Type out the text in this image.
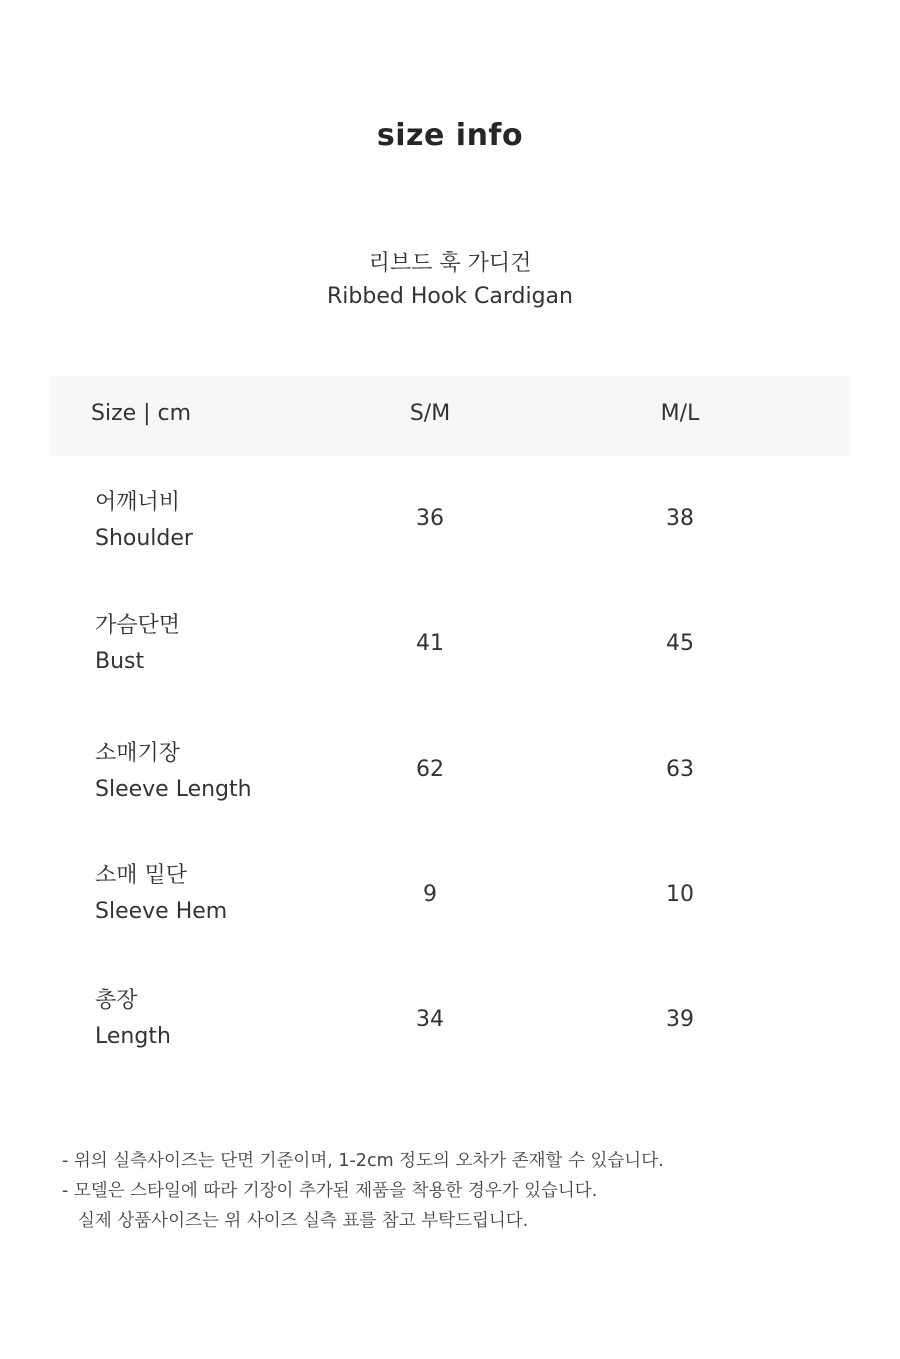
size info
리브드 훅 가디건
Ribbed Hook Cardigan
Size | cm	S/M	M/L
어깨너비
Shoulder
36	38
가슴단면
Bust
41	45
소매기장
Sleeve Length
62	63
소매 밑단
Sleeve Hem
9	10
총장
Length
34	39
- 위의 실측사이즈는 단면 기준이며, 1-2cm 정도의 오차가 존재할 수 있습니다.
- 모델은 스타일에 따라 기장이 추가된 제품을 착용한 경우가 있습니다.
실제 상품사이즈는 위 사이즈 실측 표를 참고 부탁드립니다.
